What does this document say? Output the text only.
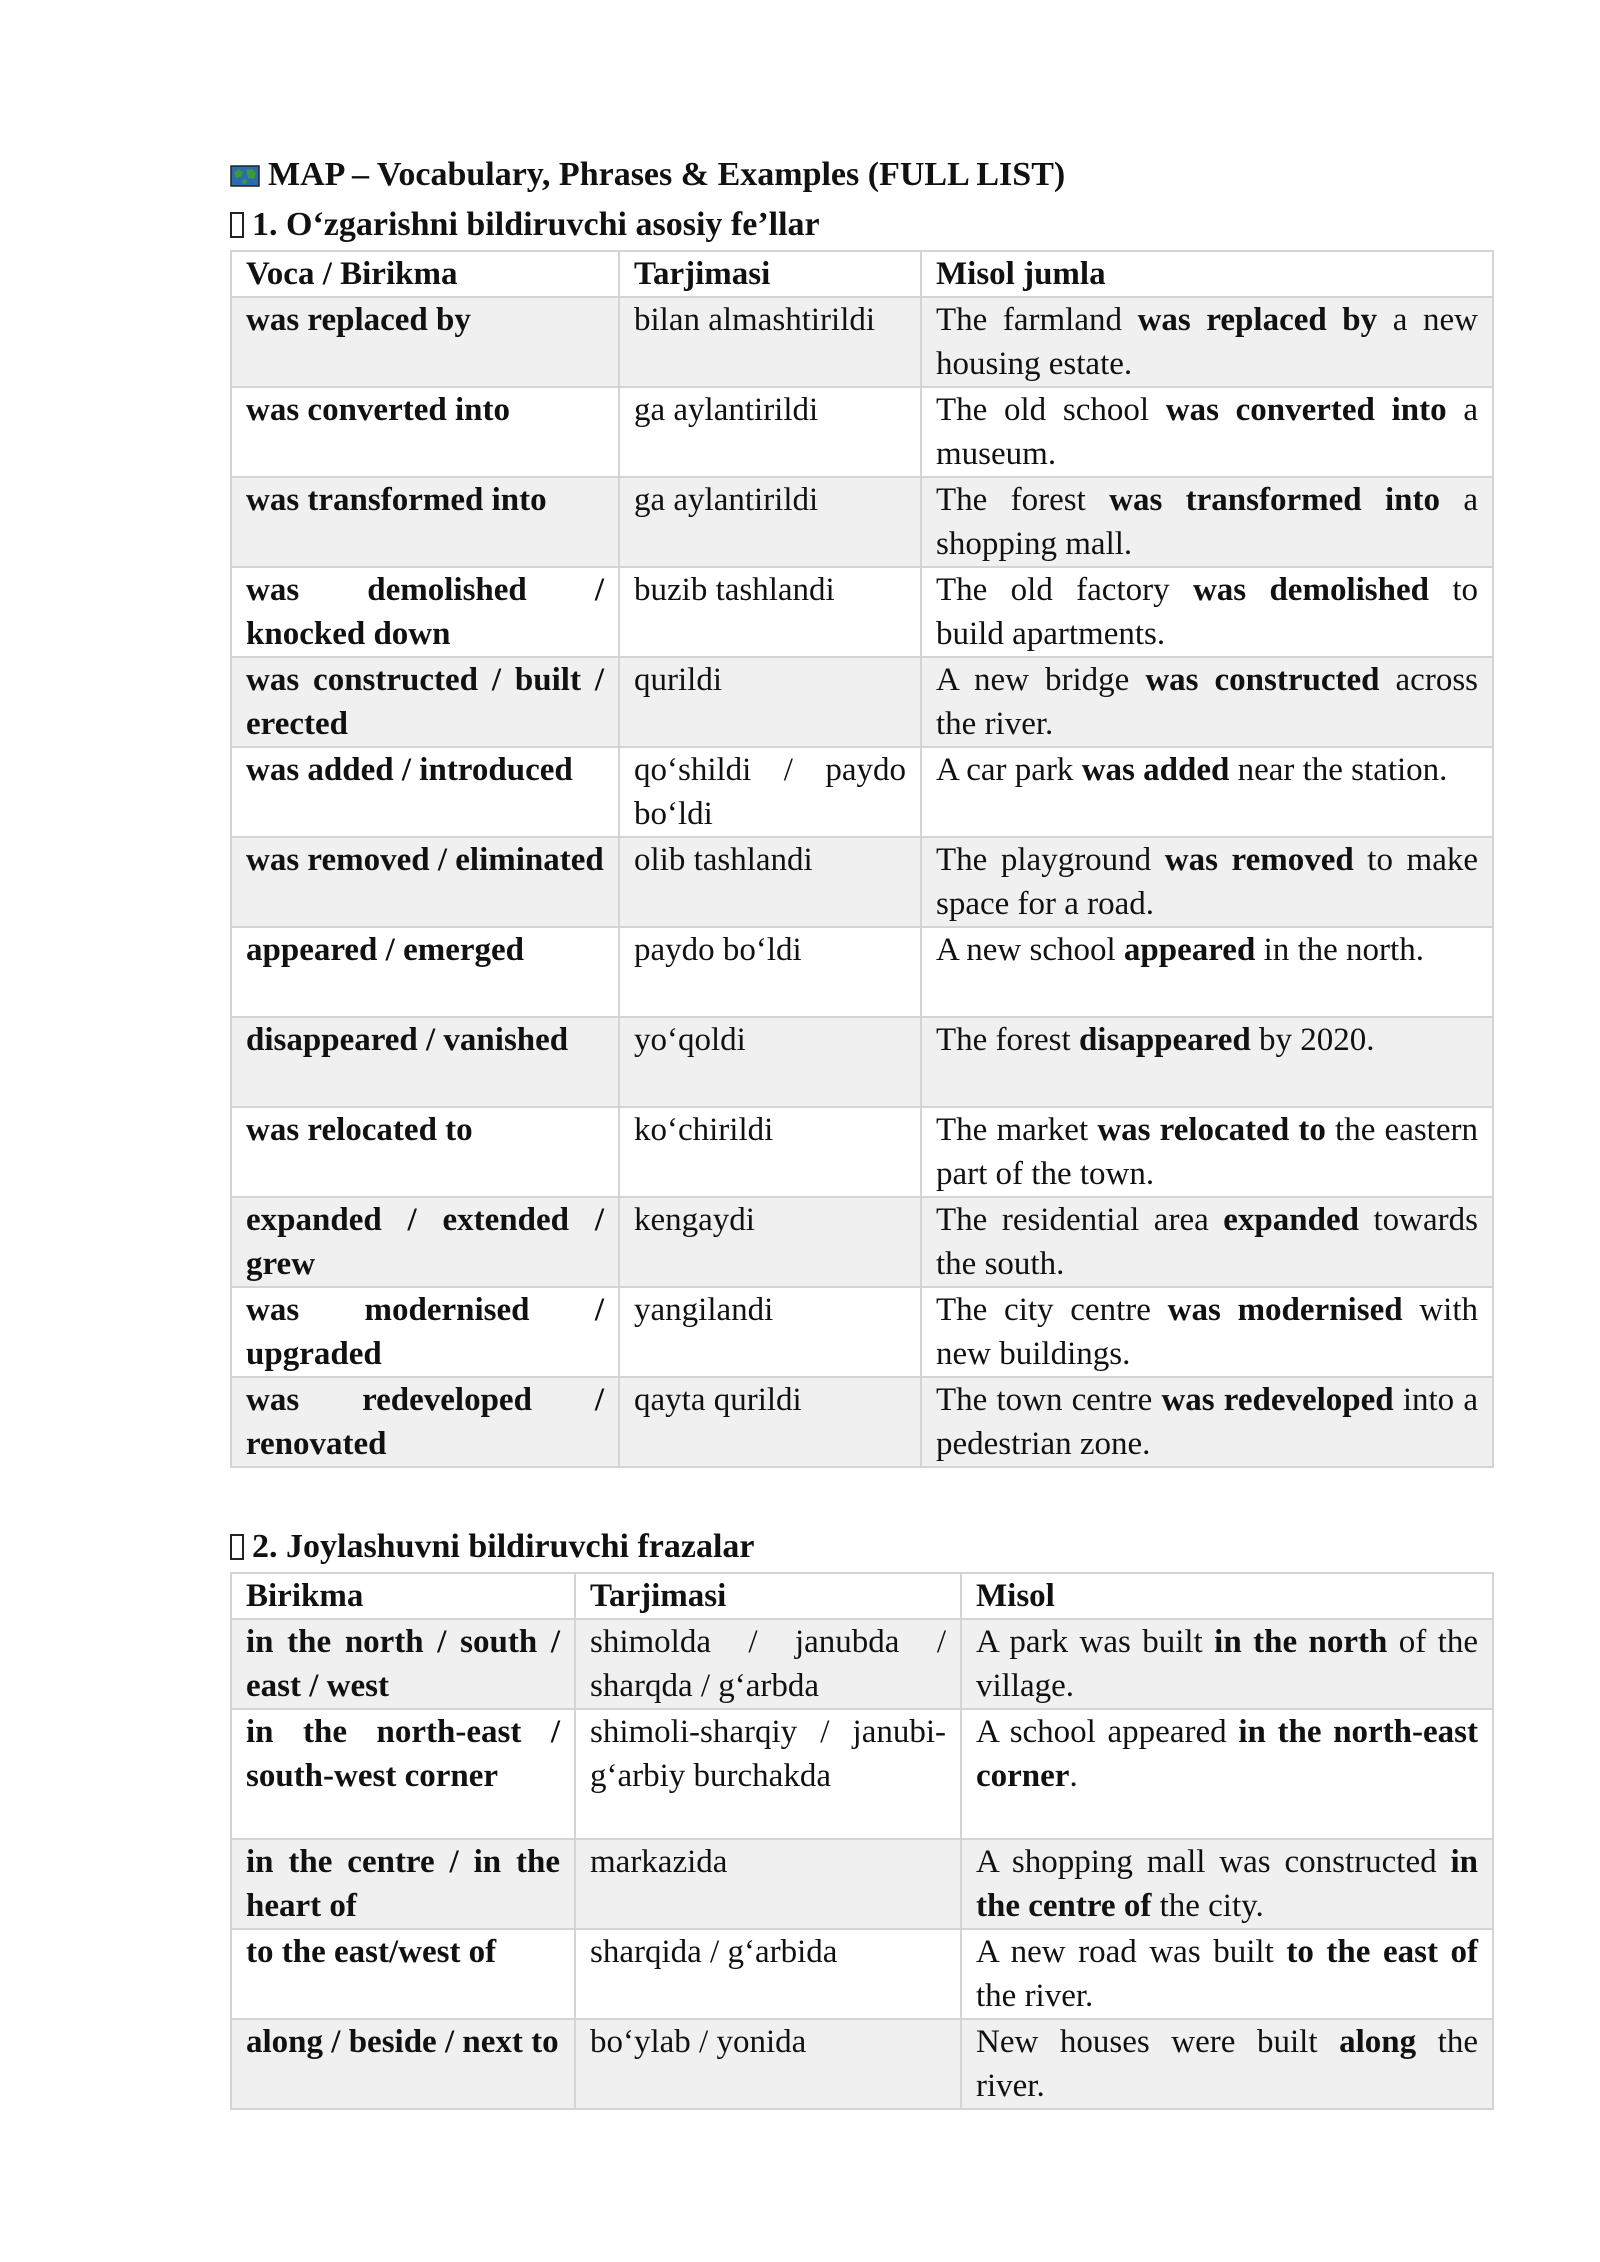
MAP – Vocabulary, Phrases & Examples (FULL LIST)
1. O‘zgarishni bildiruvchi asosiy fe’llar
Voca / Birikma	Tarjimasi	Misol jumla
was replaced by	bilan almashtirildi	The farmland was replaced by a new housing estate.
was converted into	ga aylantirildi	The old school was converted into a museum.
was transformed into	ga aylantirildi	The forest was transformed into a shopping mall.
was demolished / knocked down	buzib tashlandi	The old factory was demolished to build apartments.
was constructed / built / erected	qurildi	A new bridge was constructed across the river.
was added / introduced	qo‘shildi / paydo bo‘ldi	A car park was added near the station.
was removed / eliminated	olib tashlandi	The playground was removed to make space for a road.
appeared / emerged	paydo bo‘ldi	A new school appeared in the north.
disappeared / vanished	yo‘qoldi	The forest disappeared by 2020.
was relocated to	ko‘chirildi	The market was relocated to the eastern part of the town.
expanded / extended / grew	kengaydi	The residential area expanded towards the south.
was modernised / upgraded	yangilandi	The city centre was modernised with new buildings.
was redeveloped / renovated	qayta qurildi	The town centre was redeveloped into a pedestrian zone.
2. Joylashuvni bildiruvchi frazalar
Birikma	Tarjimasi	Misol
in the north / south / east / west	shimolda / janubda / sharqda / g‘arbda	A park was built in the north of the village.
in the north-east / south-west corner	shimoli-sharqiy / janubi-g‘arbiy burchakda	A school appeared in the north-east corner.
in the centre / in the heart of	markazida	A shopping mall was constructed in the centre of the city.
to the east/west of	sharqida / g‘arbida	A new road was built to the east of the river.
along / beside / next to	bo‘ylab / yonida	New houses were built along the river.
